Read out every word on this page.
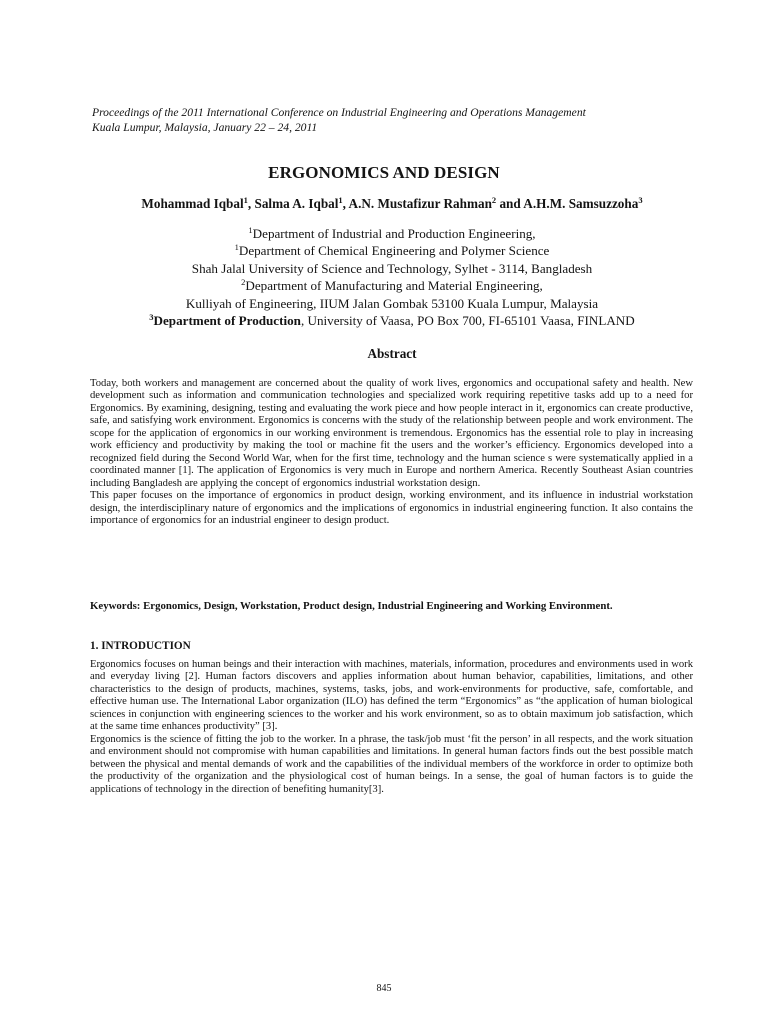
Proceedings of the 2011 International Conference on Industrial Engineering and Operations Management
Kuala Lumpur, Malaysia, January 22 – 24, 2011
ERGONOMICS AND DESIGN
Mohammad Iqbal$^1$, Salma A. Iqbal$^1$, A.N. Mustafizur Rahman$^2$ and A.H.M. Samsuzzoha$^3$
$^1$Department of Industrial and Production Engineering,
$^1$Department of Chemical Engineering and Polymer Science
Shah Jalal University of Science and Technology, Sylhet - 3114, Bangladesh
$^2$Department of Manufacturing and Material Engineering,
Kulliyah of Engineering, IIUM Jalan Gombak 53100 Kuala Lumpur, Malaysia
$^3$Department of Production, University of Vaasa, PO Box 700, FI-65101 Vaasa, FINLAND
Abstract

Today, both workers and management are concerned about the quality of work lives, ergonomics and occupational safety and health. New development such as information and communication technologies and specialized work requiring repetitive tasks add up to a need for Ergonomics. By examining, designing, testing and evaluating the work piece and how people interact in it, ergonomics can create productive, safe, and satisfying work environment. Ergonomics is concerns with the study of the relationship between people and work environment. The scope for the application of ergonomics in our working environment is tremendous. Ergonomics has the essential role to play in increasing work efficiency and productivity by making the tool or machine fit the users and the worker’s efficiency. Ergonomics developed into a recognized field during the Second World War, when for the first time, technology and the human science s were systematically applied in a coordinated manner [1]. The application of Ergonomics is very much in Europe and northern America. Recently Southeast Asian countries including Bangladesh are applying the concept of ergonomics industrial workstation design.

This paper focuses on the importance of ergonomics in product design, working environment, and its influence in industrial workstation design, the interdisciplinary nature of ergonomics and the implications of ergonomics in industrial engineering function. It also contains the importance of ergonomics for an industrial engineer to design product.

Keywords: Ergonomics, Design, Workstation, Product design, Industrial Engineering and Working Environment.
1. INTRODUCTION

Ergonomics focuses on human beings and their interaction with machines, materials, information, procedures and environments used in work and everyday living [2]. Human factors discovers and applies information about human behavior, capabilities, limitations, and other characteristics to the design of products, machines, systems, tasks, jobs, and work-environments for productive, safe, comfortable, and effective human use. The International Labor organization (ILO) has defined the term “Ergonomics” as “the application of human biological sciences in conjunction with engineering sciences to the worker and his work environment, so as to obtain maximum job satisfaction, which at the same time enhances productivity” [3].

Ergonomics is the science of fitting the job to the worker. In a phrase, the task/job must ‘fit the person’ in all respects, and the work situation and environment should not compromise with human capabilities and limitations. In general human factors finds out the best possible match between the physical and mental demands of work and the capabilities of the individual members of the workforce in order to optimize both the productivity of the organization and the physiological cost of human beings. In a sense, the goal of human factors is to guide the applications of technology in the direction of benefiting humanity[3].

845
